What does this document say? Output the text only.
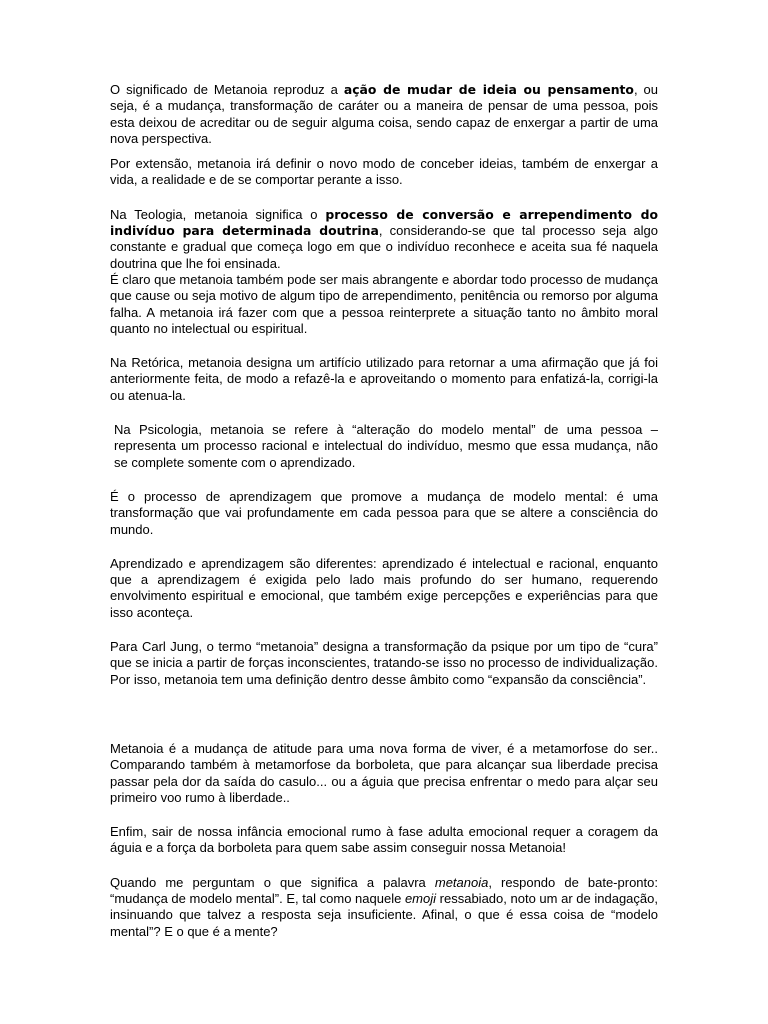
O significado de Metanoia reproduz a ação de mudar de ideia ou pensamento, ou seja, é a mudança, transformação de caráter ou a maneira de pensar de uma pessoa, pois esta deixou de acreditar ou de seguir alguma coisa, sendo capaz de enxergar a partir de uma nova perspectiva.

Por extensão, metanoia irá definir o novo modo de conceber ideias, também de enxergar a vida, a realidade e de se comportar perante a isso.

Na Teologia, metanoia significa o processo de conversão e arrependimento do indivíduo para determinada doutrina, considerando-se que tal processo seja algo constante e gradual que começa logo em que o indivíduo reconhece e aceita sua fé naquela doutrina que lhe foi ensinada.

É claro que metanoia também pode ser mais abrangente e abordar todo processo de mudança que cause ou seja motivo de algum tipo de arrependimento, penitência ou remorso por alguma falha. A metanoia irá fazer com que a pessoa reinterprete a situação tanto no âmbito moral quanto no intelectual ou espiritual.

Na Retórica, metanoia designa um artifício utilizado para retornar a uma afirmação que já foi anteriormente feita, de modo a refazê-la e aproveitando o momento para enfatizá-la, corrigi-la ou atenua-la.

Na Psicologia, metanoia se refere à “alteração do modelo mental” de uma pessoa – representa um processo racional e intelectual do indivíduo, mesmo que essa mudança, não se complete somente com o aprendizado.

É o processo de aprendizagem que promove a mudança de modelo mental: é uma transformação que vai profundamente em cada pessoa para que se altere a consciência do mundo.

Aprendizado e aprendizagem são diferentes: aprendizado é intelectual e racional, enquanto que a aprendizagem é exigida pelo lado mais profundo do ser humano, requerendo envolvimento espiritual e emocional, que também exige percepções e experiências para que isso aconteça.

Para Carl Jung, o termo “metanoia” designa a transformação da psique por um tipo de “cura” que se inicia a partir de forças inconscientes, tratando-se isso no processo de individualização. Por isso, metanoia tem uma definição dentro desse âmbito como “expansão da consciência”.

Metanoia é a mudança de atitude para uma nova forma de viver, é a metamorfose do ser.. Comparando também à metamorfose da borboleta, que para alcançar sua liberdade precisa passar pela dor da saída do casulo... ou a águia que precisa enfrentar o medo para alçar seu primeiro voo rumo à liberdade..

Enfim, sair de nossa infância emocional rumo à fase adulta emocional requer a coragem da águia e a força da borboleta para quem sabe assim conseguir nossa Metanoia!

Quando me perguntam o que significa a palavra metanoia, respondo de bate-pronto: “mudança de modelo mental”. E, tal como naquele emoji ressabiado, noto um ar de indagação, insinuando que talvez a resposta seja insuficiente. Afinal, o que é essa coisa de “modelo mental”? E o que é a mente?
